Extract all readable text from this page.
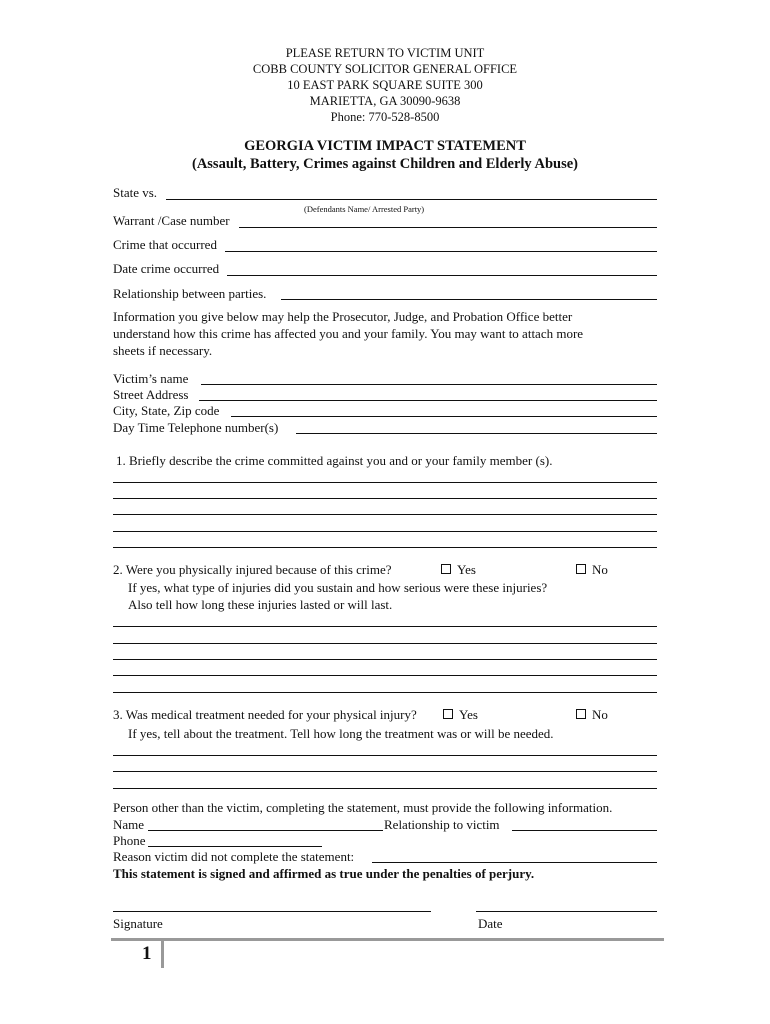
PLEASE RETURN TO VICTIM UNIT
COBB COUNTY SOLICITOR GENERAL OFFICE
10 EAST PARK SQUARE SUITE 300
MARIETTA, GA 30090-9638
Phone: 770-528-8500
GEORGIA VICTIM IMPACT STATEMENT
(Assault, Battery, Crimes against Children and Elderly Abuse)
State vs.
(Defendants Name/ Arrested Party)
Warrant /Case number
Crime that occurred
Date crime occurred
Relationship between parties.
Information you give below may help the Prosecutor, Judge, and Probation Office better
understand how this crime has affected you and your family. You may want to attach more
sheets if necessary.
Victim’s name
Street Address
City, State, Zip code
Day Time Telephone number(s)
1. Briefly describe the crime committed against you and or your family member (s).
2. Were you physically injured because of this crime?	Yes	No
If yes, what type of injuries did you sustain and how serious were these injuries?
Also tell how long these injuries lasted or will last.
3. Was medical treatment needed for your physical injury?	Yes	No
If yes, tell about the treatment. Tell how long the treatment was or will be needed.
Person other than the victim, completing the statement, must provide the following information.
Name	Relationship to victim
Phone
Reason victim did not complete the statement:
This statement is signed and affirmed as true under the penalties of perjury.
Signature	Date
1
